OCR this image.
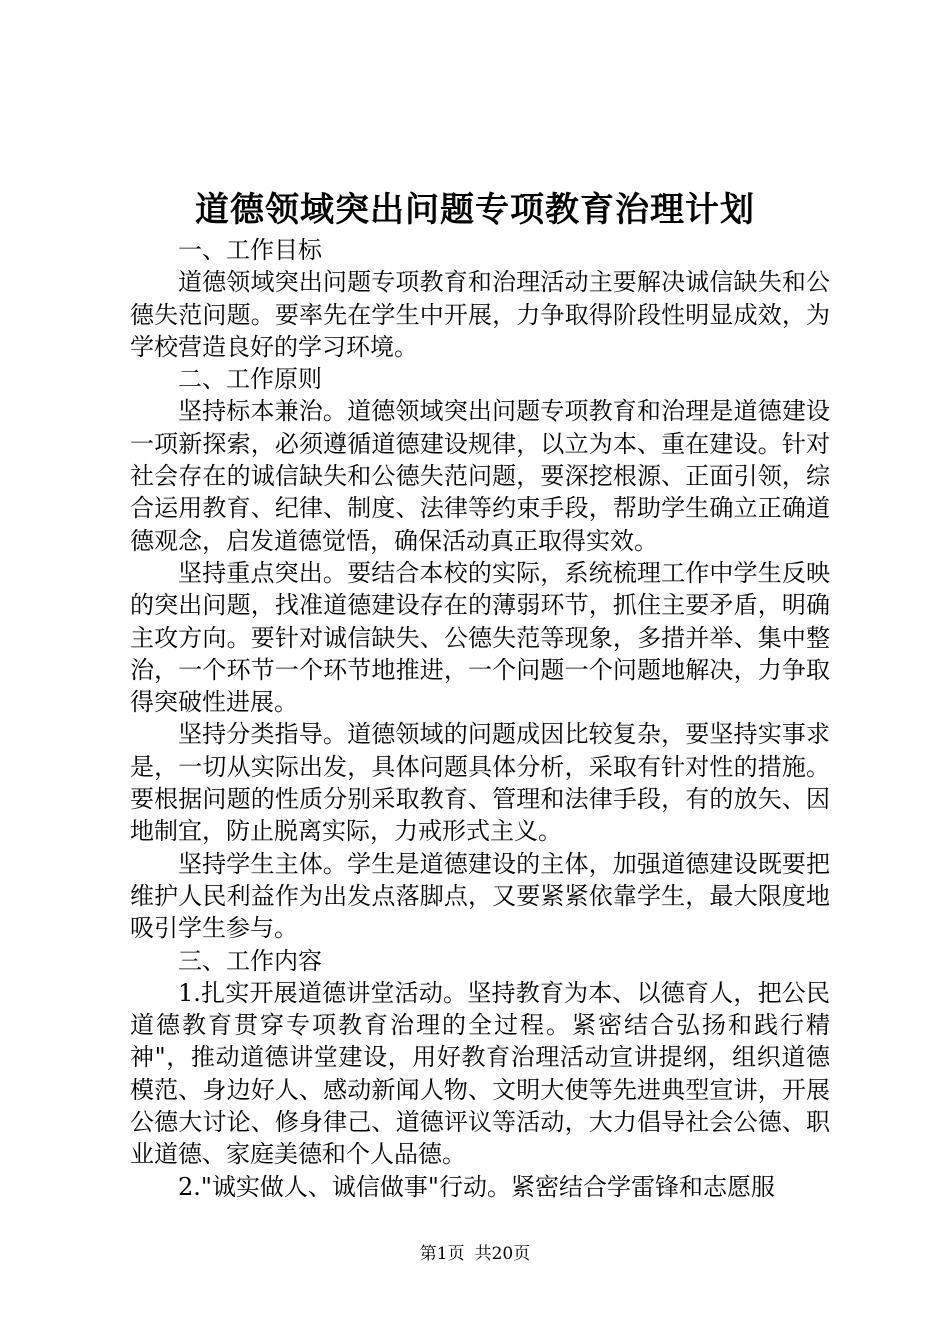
道德领域突出问题专项教育治理计划

一、工作目标

道德领域突出问题专项教育和治理活动主要解决诚信缺失和公德失范问题。要率先在学生中开展，力争取得阶段性明显成效，为学校营造良好的学习环境。

二、工作原则

坚持标本兼治。道德领域突出问题专项教育和治理是道德建设一项新探索，必须遵循道德建设规律，以立为本、重在建设。针对社会存在的诚信缺失和公德失范问题，要深挖根源、正面引领，综合运用教育、纪律、制度、法律等约束手段，帮助学生确立正确道德观念，启发道德觉悟，确保活动真正取得实效。

坚持重点突出。要结合本校的实际，系统梳理工作中学生反映的突出问题，找准道德建设存在的薄弱环节，抓住主要矛盾，明确主攻方向。要针对诚信缺失、公德失范等现象，多措并举、集中整治，一个环节一个环节地推进，一个问题一个问题地解决，力争取得突破性进展。

坚持分类指导。道德领域的问题成因比较复杂，要坚持实事求是，一切从实际出发，具体问题具体分析，采取有针对性的措施。要根据问题的性质分别采取教育、管理和法律手段，有的放矢、因地制宜，防止脱离实际，力戒形式主义。

坚持学生主体。学生是道德建设的主体，加强道德建设既要把维护人民利益作为出发点落脚点，又要紧紧依靠学生，最大限度地吸引学生参与。

三、工作内容

1.扎实开展道德讲堂活动。坚持教育为本、以德育人，把公民道德教育贯穿专项教育治理的全过程。紧密结合弘扬和践行精神"，推动道德讲堂建设，用好教育治理活动宣讲提纲，组织道德模范、身边好人、感动新闻人物、文明大使等先进典型宣讲，开展公德大讨论、修身律己、道德评议等活动，大力倡导社会公德、职业道德、家庭美德和个人品德。

2."诚实做人、诚信做事"行动。紧密结合学雷锋和志愿服

第1页 共20页
